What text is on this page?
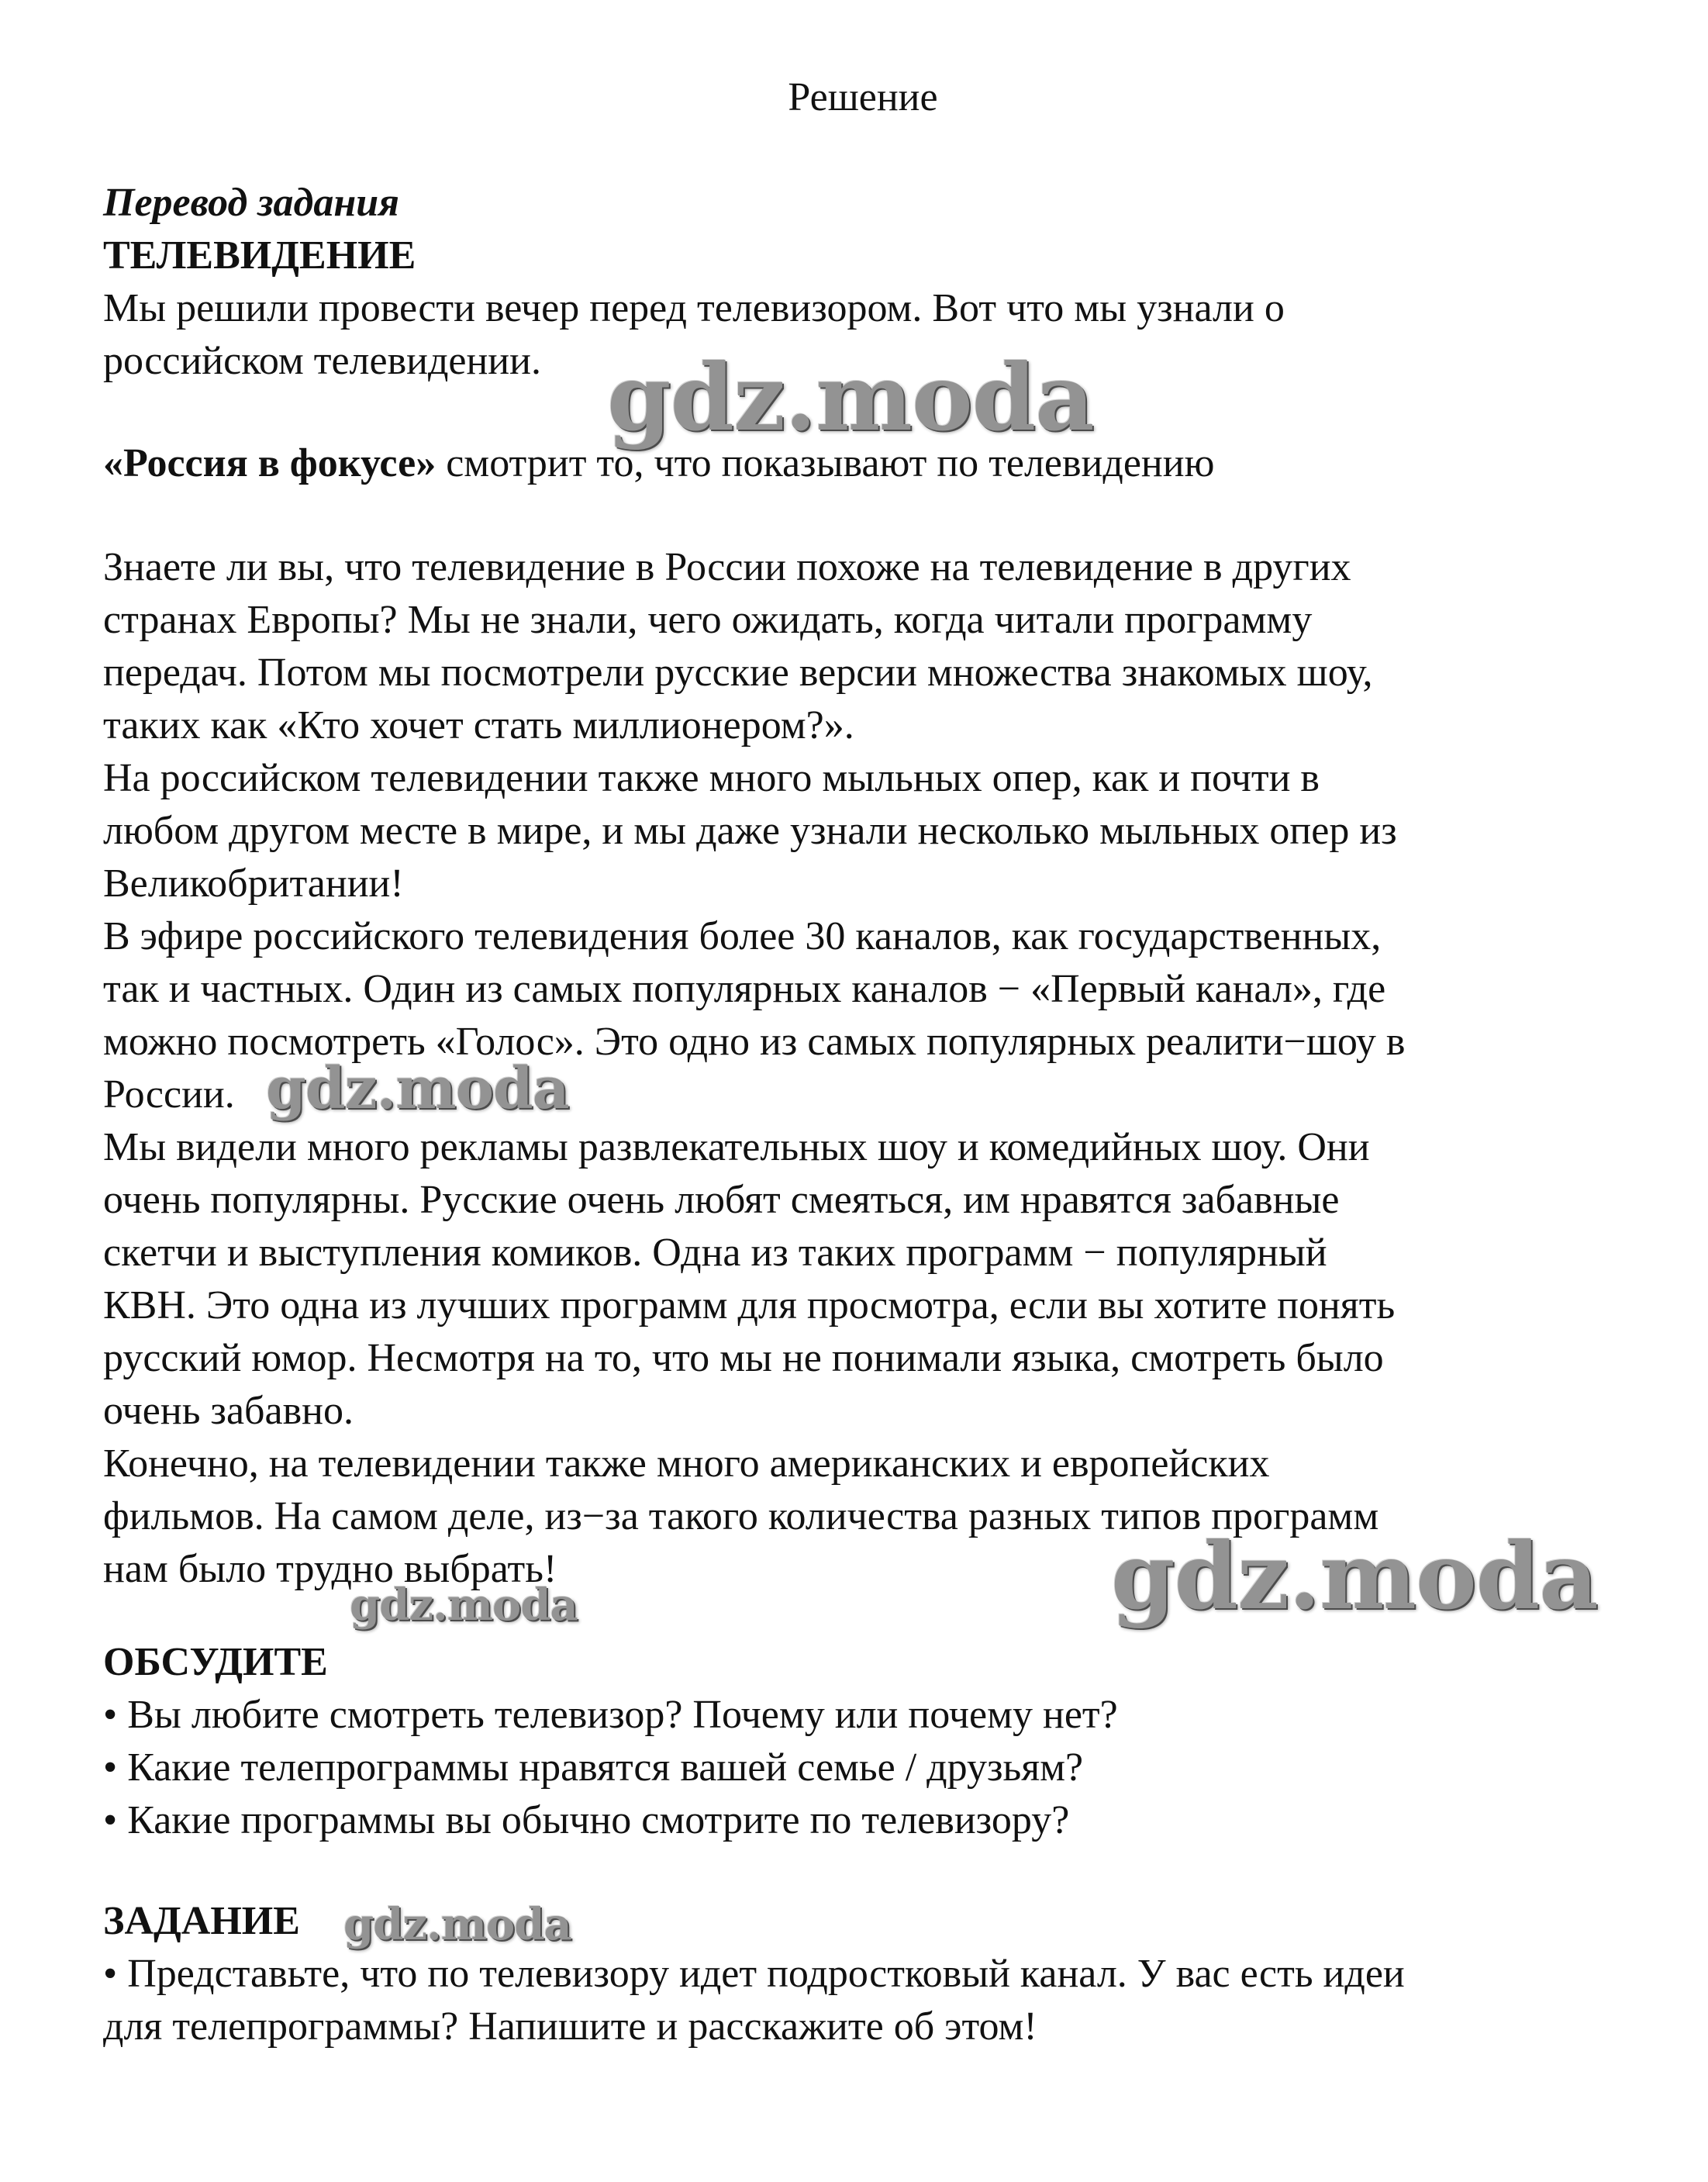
Решение
Перевод задания
ТЕЛЕВИДЕНИЕ
Мы решили провести вечер перед телевизором. Вот что мы узнали о
российском телевидении.
«Россия в фокусе» смотрит то, что показывают по телевидению
Знаете ли вы, что телевидение в России похоже на телевидение в других
странах Европы? Мы не знали, чего ожидать, когда читали программу
передач. Потом мы посмотрели русские версии множества знакомых шоу,
таких как «Кто хочет стать миллионером?».
На российском телевидении также много мыльных опер, как и почти в
любом другом месте в мире, и мы даже узнали несколько мыльных опер из
Великобритании!
В эфире российского телевидения более 30 каналов, как государственных,
так и частных. Один из самых популярных каналов − «Первый канал», где
можно посмотреть «Голос». Это одно из самых популярных реалити−шоу в
России.
Мы видели много рекламы развлекательных шоу и комедийных шоу. Они
очень популярны. Русские очень любят смеяться, им нравятся забавные
скетчи и выступления комиков. Одна из таких программ − популярный
КВН. Это одна из лучших программ для просмотра, если вы хотите понять
русский юмор. Несмотря на то, что мы не понимали языка, смотреть было
очень забавно.
Конечно, на телевидении также много американских и европейских
фильмов. На самом деле, из−за такого количества разных типов программ
нам было трудно выбрать!
ОБСУДИТЕ
• Вы любите смотреть телевизор? Почему или почему нет?
• Какие телепрограммы нравятся вашей семье / друзьям?
• Какие программы вы обычно смотрите по телевизору?
ЗАДАНИЕ
• Представьте, что по телевизору идет подростковый канал. У вас есть идеи
для телепрограммы? Напишите и расскажите об этом!
gdz.moda
gdz.moda
gdz.moda	gdz.moda
gdz.moda
